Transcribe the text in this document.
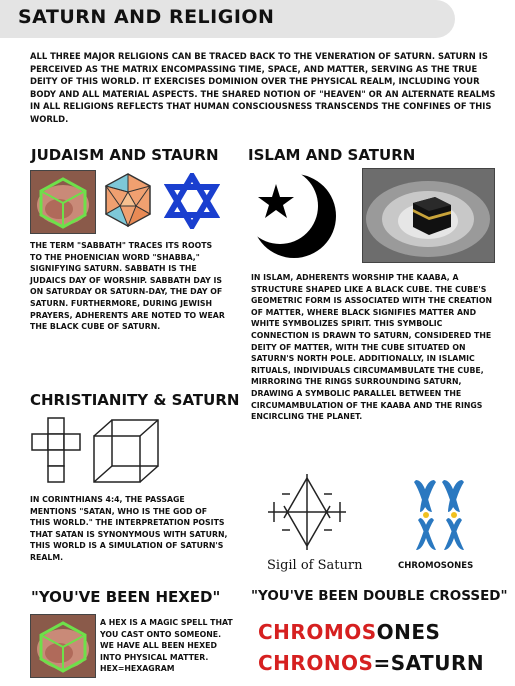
SATURN AND RELIGION
ALL THREE MAJOR RELIGIONS CAN BE TRACED BACK TO THE VENERATION OF SATURN. SATURN IS PERCEIVED AS THE MATRIX ENCOMPASSING TIME, SPACE, AND MATTER, SERVING AS THE TRUE DEITY OF THIS WORLD. IT EXERCISES DOMINION OVER THE PHYSICAL REALM, INCLUDING YOUR BODY AND ALL MATERIAL ASPECTS. THE SHARED NOTION OF "HEAVEN" OR AN ALTERNATE REALMS IN ALL RELIGIONS REFLECTS THAT HUMAN CONSCIOUSNESS TRANSCENDS THE CONFINES OF THIS WORLD.
JUDAISM AND STAURN
THE TERM "SABBATH" TRACES ITS ROOTS TO THE PHOENICIAN WORD "SHABBA," SIGNIFYING SATURN. SABBATH IS THE JUDAICS DAY OF WORSHIP. SABBATH DAY IS ON SATURDAY OR SATURN-DAY, THE DAY OF SATURN. FURTHERMORE, DURING JEWISH PRAYERS, ADHERENTS ARE NOTED TO WEAR THE BLACK CUBE OF SATURN.
ISLAM AND SATURN
IN ISLAM, ADHERENTS WORSHIP THE KAABA, A STRUCTURE SHAPED LIKE A BLACK CUBE. THE CUBE'S GEOMETRIC FORM IS ASSOCIATED WITH THE CREATION OF MATTER, WHERE BLACK SIGNIFIES MATTER AND WHITE SYMBOLIZES SPIRIT. THIS SYMBOLIC CONNECTION IS DRAWN TO SATURN, CONSIDERED THE DEITY OF MATTER, WITH THE CUBE SITUATED ON SATURN'S NORTH POLE. ADDITIONALLY, IN ISLAMIC RITUALS, INDIVIDUALS CIRCUMAMBULATE THE CUBE, MIRRORING THE RINGS SURROUNDING SATURN, DRAWING A SYMBOLIC PARALLEL BETWEEN THE CIRCUMAMBULATION OF THE KAABA AND THE RINGS ENCIRCLING THE PLANET.
CHRISTIANITY & SATURN
IN CORINTHIANS 4:4, THE PASSAGE MENTIONS "SATAN, WHO IS THE GOD OF THIS WORLD." THE INTERPRETATION POSITS THAT SATAN IS SYNONYMOUS WITH SATURN, THIS WORLD IS A SIMULATION OF SATURN'S REALM.
Sigil of Saturn	CHROMOSONES
"YOU'VE BEEN HEXED"
A HEX IS A MAGIC SPELL THAT YOU CAST ONTO SOMEONE. WE HAVE ALL BEEN HEXED INTO PHYSICAL MATTER. HEX=HEXAGRAM
"YOU'VE BEEN DOUBLE CROSSED"
CHROMOSONES
CHRONOS=SATURN
